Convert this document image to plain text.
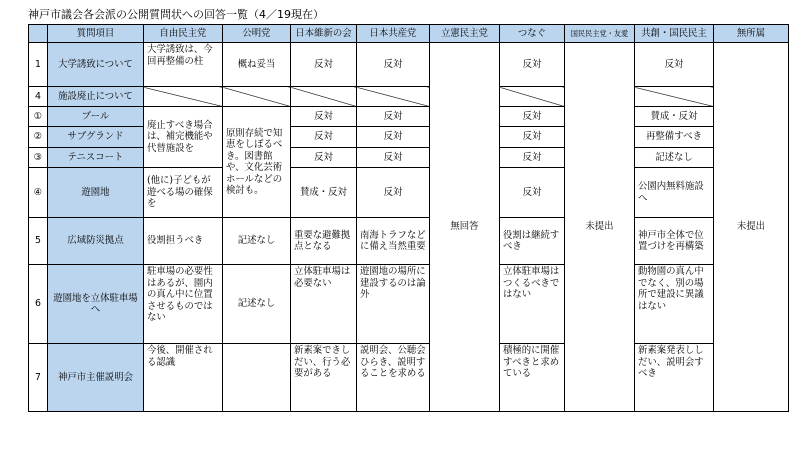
神戸市議会各会派の公開質問状への回答一覧（4／19現在）
	質問項目	自由民主党	公明党	日本維新の会	日本共産党	立憲民主党	つなぐ	国民民主党・友愛	共創・国民民主	無所属
1	大学誘致について	大学誘致は、今回再整備の柱	概ね妥当	反対	反対	無回答	反対	未提出	反対	未提出
4	施設廃止について									
①	プール	廃止すべき場合は、補完機能や代替施設を	原則存続で知恵をしぼるべき。図書館や、文化芸術ホールなどの検討も。	反対	反対		反対		賛成・反対	
②	サブグランド			反対	反対		反対		再整備すべき	
③	テニスコート			反対	反対		反対		記述なし	
④	遊園地	(他に)子どもが遊べる場の確保を		賛成・反対	反対		反対		公園内無料施設へ	
5	広域防災拠点	役割担うべき	記述なし	重要な避難拠点となる	南海トラフなどに備え当然重要		役割は継続すべき		神戸市全体で位置づけを再構築	
6	遊園地を立体駐車場へ	駐車場の必要性はあるが、園内の真ん中に位置させるものではない	記述なし	立体駐車場は必要ない	遊園地の場所に建設するのは論外		立体駐車場はつくるべきではない		動物園の真ん中でなく、別の場所で建設に異議はない	
7	神戸市主催説明会	今後、開催される認識		新素案できしだい、行う必要がある	説明会、公聴会ひらき、説明することを求める		積極的に開催すべきと求めている		新素案発表ししだい、説明会すべき	
